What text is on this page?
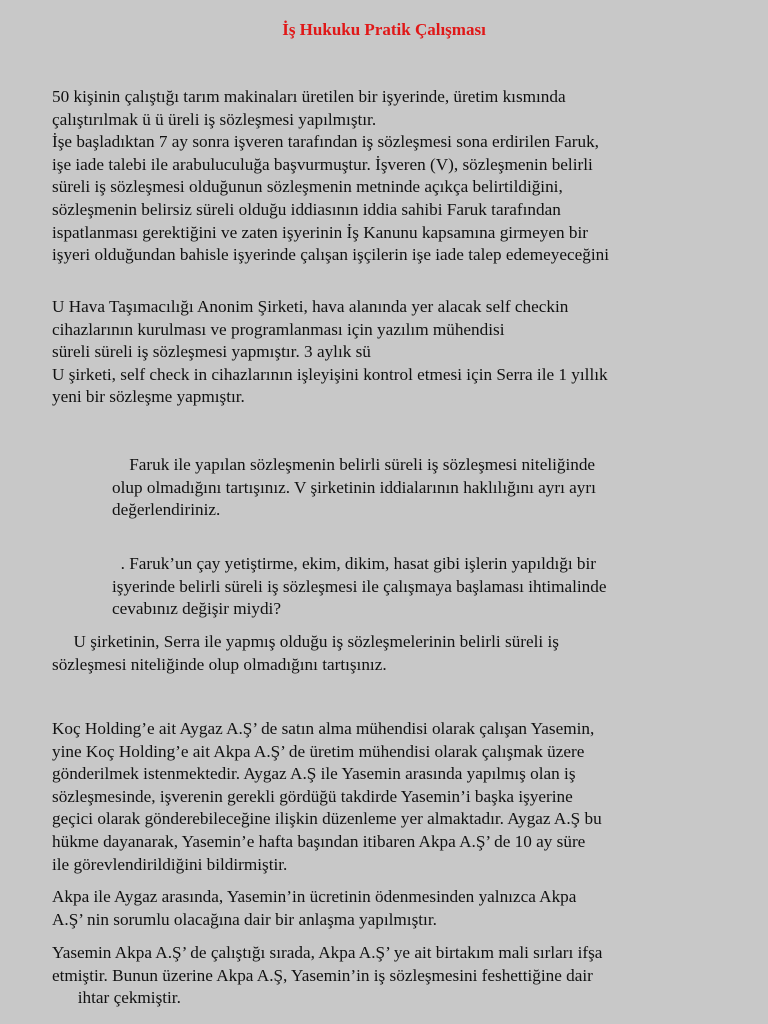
İş Hukuku Pratik Çalışması
50 kişinin çalıştığı tarım makinaları üretilen bir işyerinde, üretim kısmında
çalıştırılmak ü ü üreli iş sözleşmesi yapılmıştır.
İşe başladıktan 7 ay sonra işveren tarafından iş sözleşmesi sona erdirilen Faruk,
işe iade talebi ile arabuluculuğa başvurmuştur. İşveren (V), sözleşmenin belirli
süreli iş sözleşmesi olduğunun sözleşmenin metninde açıkça belirtildiğini,
sözleşmenin belirsiz süreli olduğu iddiasının iddia sahibi Faruk tarafından
ispatlanması gerektiğini ve zaten işyerinin İş Kanunu kapsamına girmeyen bir
işyeri olduğundan bahisle işyerinde çalışan işçilerin işe iade talep edemeyeceğini
U Hava Taşımacılığı Anonim Şirketi, hava alanında yer alacak self checkin
cihazlarının kurulması ve programlanması için yazılım mühendisi
süreli süreli iş sözleşmesi yapmıştır. 3 aylık sü
U şirketi, self check in cihazlarının işleyişini kontrol etmesi için Serra ile 1 yıllık
yeni bir sözleşme yapmıştır.
Faruk ile yapılan sözleşmenin belirli süreli iş sözleşmesi niteliğinde
olup olmadığını tartışınız. V şirketinin iddialarının haklılığını ayrı ayrı
değerlendiriniz.
. Faruk’un çay yetiştirme, ekim, dikim, hasat gibi işlerin yapıldığı bir
işyerinde belirli süreli iş sözleşmesi ile çalışmaya başlaması ihtimalinde
cevabınız değişir miydi?
U şirketinin, Serra ile yapmış olduğu iş sözleşmelerinin belirli süreli iş
sözleşmesi niteliğinde olup olmadığını tartışınız.
Koç Holding’e ait Aygaz A.Ş’ de satın alma mühendisi olarak çalışan Yasemin,
yine Koç Holding’e ait Akpa A.Ş’ de üretim mühendisi olarak çalışmak üzere
gönderilmek istenmektedir. Aygaz A.Ş ile Yasemin arasında yapılmış olan iş
sözleşmesinde, işverenin gerekli gördüğü takdirde Yasemin’i başka işyerine
geçici olarak gönderebileceğine ilişkin düzenleme yer almaktadır. Aygaz A.Ş bu
hükme dayanarak, Yasemin’e hafta başından itibaren Akpa A.Ş’ de 10 ay süre
ile görevlendirildiğini bildirmiştir.
Akpa ile Aygaz arasında, Yasemin’in ücretinin ödenmesinden yalnızca Akpa
A.Ş’ nin sorumlu olacağına dair bir anlaşma yapılmıştır.
Yasemin Akpa A.Ş’ de çalıştığı sırada, Akpa A.Ş’ ye ait birtakım mali sırları ifşa
etmiştir. Bunun üzerine Akpa A.Ş, Yasemin’in iş sözleşmesini feshettiğine dair
ihtar çekmiştir.
